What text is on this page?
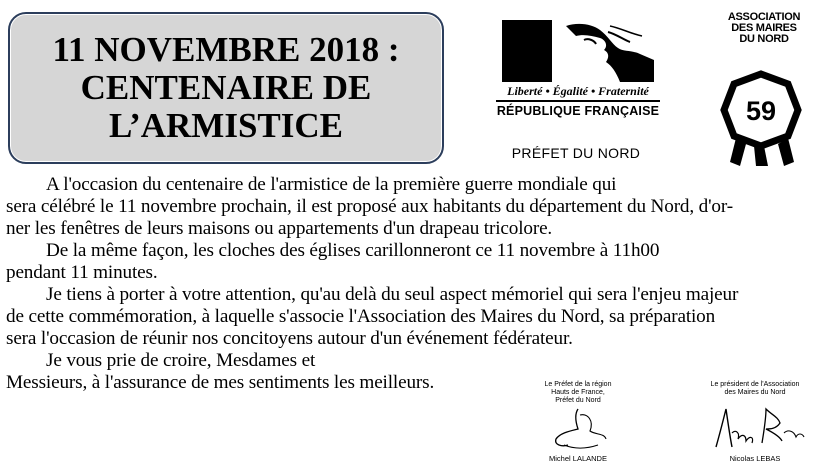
11 NOVEMBRE 2018 :
CENTENAIRE DE
L’ARMISTICE
Liberté • Égalité • Fraternité
RÉPUBLIQUE FRANÇAISE
PRÉFET DU NORD
ASSOCIATION
DES MAIRES
DU NORD
59
A l'occasion du centenaire de l'armistice de la première guerre mondiale qui
sera célébré le 11 novembre prochain, il est proposé aux habitants du département du Nord, d'or-
ner les fenêtres de leurs maisons ou appartements d'un drapeau tricolore.
De la même façon, les cloches des églises carillonneront ce 11 novembre à 11h00
pendant 11 minutes.
Je tiens à porter à votre attention, qu'au delà du seul aspect mémoriel qui sera l'enjeu majeur
de cette commémoration, à laquelle s'associe l'Association des Maires du Nord, sa préparation
sera l'occasion de réunir nos concitoyens autour d'un événement fédérateur.
Je vous prie de croire, Mesdames et
Messieurs, à l'assurance de mes sentiments les meilleurs.	Le Préfet de la région
Hauts de France,
Préfet du Nord
Michel LALANDE
Le président de l'Association
des Maires du Nord
Nicolas LEBAS
